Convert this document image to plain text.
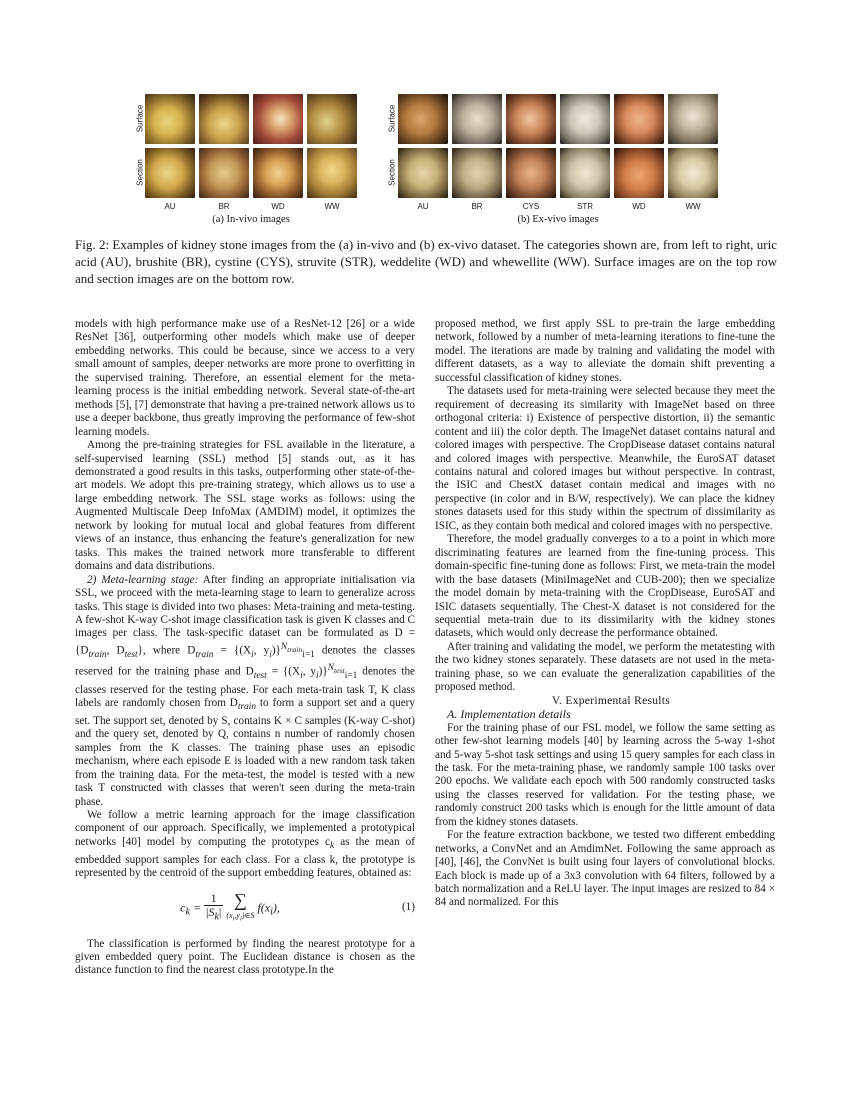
Surface
Section
AU	BR	WD	WW
(a) In-vivo images
Surface
Section
AU	BR	CYS	STR	WD	WW
(b) Ex-vivo images
Fig. 2: Examples of kidney stone images from the (a) in-vivo and (b) ex-vivo dataset. The categories shown are, from left to right, uric acid (AU), brushite (BR), cystine (CYS), struvite (STR), weddelite (WD) and whewellite (WW). Surface images are on the top row and section images are on the bottom row.

models with high performance make use of a ResNet-12 [26] or a wide ResNet [36], outperforming other models which make use of deeper embedding networks. This could be because, since we access to a very small amount of samples, deeper networks are more prone to overfitting in the supervised training. Therefore, an essential element for the meta-learning process is the initial embedding network. Several state-of-the-art methods [5], [7] demonstrate that having a pre-trained network allows us to use a deeper backbone, thus greatly improving the performance of few-shot learning models.

Among the pre-training strategies for FSL available in the literature, a self-supervised learning (SSL) method [5] stands out, as it has demonstrated a good results in this tasks, outperforming other state-of-the-art models. We adopt this pre-training strategy, which allows us to use a large embedding network. The SSL stage works as follows: using the Augmented Multiscale Deep InfoMax (AMDIM) model, it optimizes the network by looking for mutual local and global features from different views of an instance, thus enhancing the feature's generalization for new tasks. This makes the trained network more transferable to different domains and data distributions.

2) Meta-learning stage: After finding an appropriate initialisation via SSL, we proceed with the meta-learning stage to learn to generalize across tasks. This stage is divided into two phases: Meta-training and meta-testing. A few-shot K-way C-shot image classification task is given K classes and C images per class. The task-specific dataset can be formulated as $D = \{D_{train}$, $D_{test}$}, where $D_{train} = \{(X_i$, $y_i)\}^{N_{train}}_{i=1}$ denotes the classes reserved for the training phase and $D_{test} = \{(X_i$, $y_i)\}^{N_{test}}_{i=1}$ denotes the classes reserved for the testing phase. For each meta-train task T, K class labels are randomly chosen from $D_{train}$ to form a support set and a query set. The support set, denoted by S, contains K × C samples (K-way C-shot) and the query set, denoted by Q, contains n number of randomly chosen samples from the K classes. The training phase uses an episodic mechanism, where each episode E is loaded with a new random task taken from the training data. For the meta-test, the model is tested with a new task T constructed with classes that weren't seen during the meta-train phase.

We follow a metric learning approach for the image classification component of our approach. Specifically, we implemented a prototypical networks [40] model by computing the prototypes $c_k$ as the mean of embedded support samples for each class. For a class k, the prototype is represented by the centroid of the support embedding features, obtained as:

$c_k = \frac{1}{|S_k|}$
∑
$(x_i,y_i)\in S$
$f(x_i)$,	(1)

The classification is performed by finding the nearest prototype for a given embedded query point. The Euclidean distance is chosen as the distance function to find the nearest class prototype.In the

proposed method, we first apply SSL to pre-train the large embedding network, followed by a number of meta-learning iterations to fine-tune the model. The iterations are made by training and validating the model with different datasets, as a way to alleviate the domain shift preventing a successful classification of kidney stones.

The datasets used for meta-training were selected because they meet the requirement of decreasing its similarity with ImageNet based on three orthogonal criteria: i) Existence of perspective distortion, ii) the semantic content and iii) the color depth. The ImageNet dataset contains natural and colored images with perspective. The CropDisease dataset contains natural and colored images with perspective. Meanwhile, the EuroSAT dataset contains natural and colored images but without perspective. In contrast, the ISIC and ChestX dataset contain medical and images with no perspective (in color and in B/W, respectively). We can place the kidney stones datasets used for this study within the spectrum of dissimilarity as ISIC, as they contain both medical and colored images with no perspective.

Therefore, the model gradually converges to a to a point in which more discriminating features are learned from the fine-tuning process. This domain-specific fine-tuning done as follows: First, we meta-train the model with the base datasets (MiniImageNet and CUB-200); then we specialize the model domain by meta-training with the CropDisease, EuroSAT and ISIC datasets sequentially. The Chest-X dataset is not considered for the sequential meta-train due to its dissimilarity with the kidney stones datasets, which would only decrease the performance obtained.

After training and validating the model, we perform the metatesting with the two kidney stones separately. These datasets are not used in the meta-training phase, so we can evaluate the generalization capabilities of the proposed method.

V. Experimental Results

A. Implementation details

For the training phase of our FSL model, we follow the same setting as other few-shot learning models [40] by learning across the 5-way 1-shot and 5-way 5-shot task settings and using 15 query samples for each class in the task. For the meta-training phase, we randomly sample 100 tasks over 200 epochs. We validate each epoch with 500 randomly constructed tasks using the classes reserved for validation. For the testing phase, we randomly construct 200 tasks which is enough for the little amount of data from the kidney stones datasets.

For the feature extraction backbone, we tested two different embedding networks, a ConvNet and an AmdimNet. Following the same approach as [40], [46], the ConvNet is built using four layers of convolutional blocks. Each block is made up of a 3x3 convolution with 64 filters, followed by a batch normalization and a ReLU layer. The input images are resized to 84 × 84 and normalized. For this
